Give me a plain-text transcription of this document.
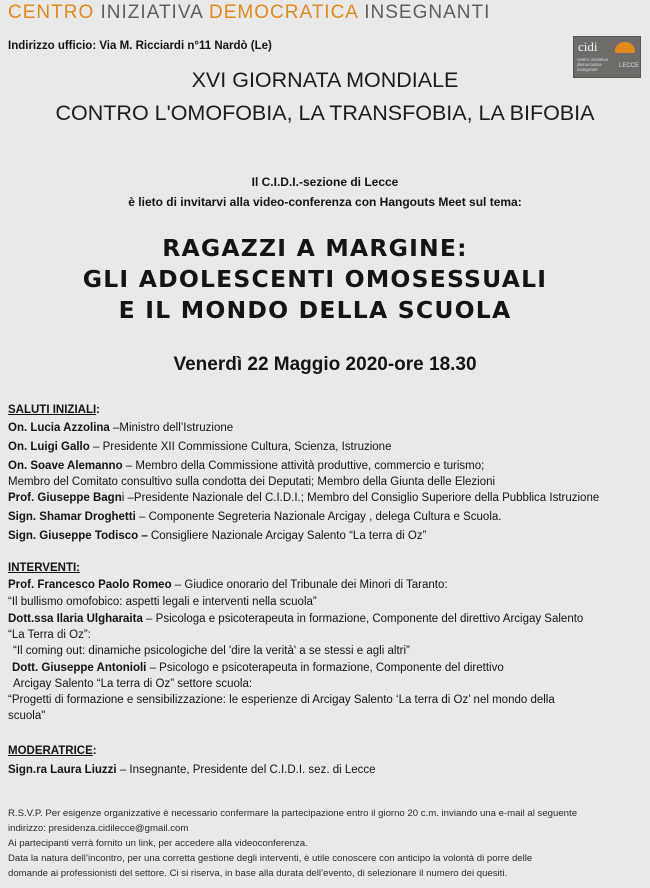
CENTRO INIZIATIVA DEMOCRATICA INSEGNANTI
Indirizzo ufficio: Via M. Ricciardi n°11 Nardò (Le)	cidi
centro iniziativa democratica insegnanti
LECCE
XVI GIORNATA MONDIALE
CONTRO L'OMOFOBIA, LA TRANSFOBIA, LA BIFOBIA
Il C.I.D.I.-sezione di Lecce
è lieto di invitarvi alla video-conferenza con Hangouts Meet sul tema:
RAGAZZI A MARGINE:
GLI ADOLESCENTI OMOSESSUALI
E IL MONDO DELLA SCUOLA
Venerdì 22 Maggio 2020-ore 18.30
SALUTI INIZIALI:
On. Lucia Azzolina –Ministro dell’Istruzione
On. Luigi Gallo – Presidente XII Commissione Cultura, Scienza, Istruzione
On. Soave Alemanno – Membro della Commissione attività produttive, commercio e turismo;
Membro del Comitato consultivo sulla condotta dei Deputati; Membro della Giunta delle Elezioni
Prof. Giuseppe Bagni –Presidente Nazionale del C.I.D.I.; Membro del Consiglio Superiore della Pubblica Istruzione
Sign. Shamar Droghetti – Componente Segreteria Nazionale Arcigay , delega Cultura e Scuola.
Sign. Giuseppe Todisco – Consigliere Nazionale Arcigay Salento “La terra di Oz”
INTERVENTI:
Prof. Francesco Paolo Romeo – Giudice onorario del Tribunale dei Minori di Taranto:
“Il bullismo omofobico: aspetti legali e interventi nella scuola”
Dott.ssa Ilaria Ulgharaita – Psicologa e psicoterapeuta in formazione, Componente del direttivo Arcigay Salento
“La Terra di Oz”:
“Il coming out: dinamiche psicologiche del 'dire la verità' a se stessi e agli altri”
Dott. Giuseppe Antonioli – Psicologo e psicoterapeuta in formazione, Componente del direttivo
Arcigay Salento “La terra di Oz” settore scuola:
“Progetti di formazione e sensibilizzazione: le esperienze di Arcigay Salento ‘La terra di Oz’ nel mondo della
scuola"
MODERATRICE:
Sign.ra Laura Liuzzi – Insegnante, Presidente del C.I.D.I. sez. di Lecce
R.S.V.P. Per esigenze organizzative è necessario confermare la partecipazione entro il giorno 20 c.m. inviando una e-mail al seguente
indirizzo: presidenza.cidilecce@gmail.com
Ai partecipanti verrà fornito un link, per accedere alla videoconferenza.
Data la natura dell’incontro, per una corretta gestione degli interventi, è utile conoscere con anticipo la volontà di porre delle
domande ai professionisti del settore. Ci si riserva, in base alla durata dell’evento, di selezionare il numero dei quesiti.
